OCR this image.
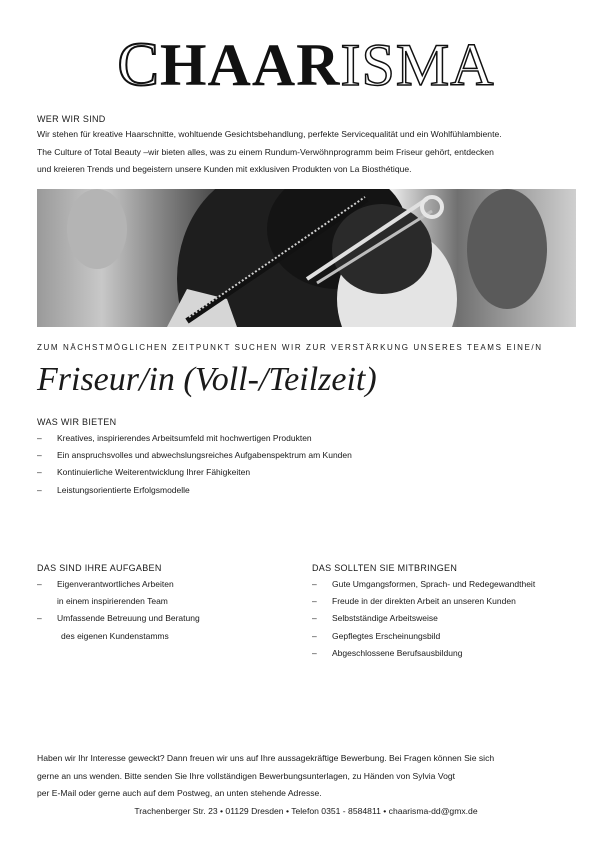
CHAARISMA
WER WIR SIND
Wir stehen für kreative Haarschnitte, wohltuende Gesichtsbehandlung, perfekte Servicequalität und ein Wohlfühlambiente.
The Culture of Total Beauty –wir bieten alles, was zu einem Rundum-Verwöhnprogramm beim Friseur gehört, entdecken
und kreieren Trends und begeistern unsere Kunden mit exklusiven Produkten von La Biosthétique.
ZUM NÄCHSTMÖGLICHEN ZEITPUNKT SUCHEN WIR ZUR VERSTÄRKUNG UNSERES TEAMS EINE/N
Friseur/in (Voll-/Teilzeit)
WAS WIR BIETEN
– Kreatives, inspirierendes Arbeitsumfeld mit hochwertigen Produkten
– Ein anspruchsvolles und abwechslungsreiches Aufgabenspektrum am Kunden
– Kontinuierliche Weiterentwicklung Ihrer Fähigkeiten
– Leistungsorientierte Erfolgsmodelle
DAS SIND IHRE AUFGABEN
–	Eigenverantwortliches Arbeiten
in einem inspirierenden Team
–	Umfassende Betreuung und Beratung
des eigenen Kundenstamms
DAS SOLLTEN SIE MITBRINGEN
– Gute Umgangsformen, Sprach- und Redegewandtheit
– Freude in der direkten Arbeit an unseren Kunden
– Selbstständige Arbeitsweise
– Gepflegtes Erscheinungsbild
– Abgeschlossene Berufsausbildung
Haben wir Ihr Interesse geweckt? Dann freuen wir uns auf Ihre aussagekräftige Bewerbung. Bei Fragen können Sie sich
gerne an uns wenden. Bitte senden Sie Ihre vollständigen Bewerbungsunterlagen, zu Händen von Sylvia Vogt
per E-Mail oder gerne auch auf dem Postweg, an unten stehende Adresse.
Trachenberger Str. 23 • 01129 Dresden • Telefon 0351 - 8584811 • chaarisma-dd@gmx.de
